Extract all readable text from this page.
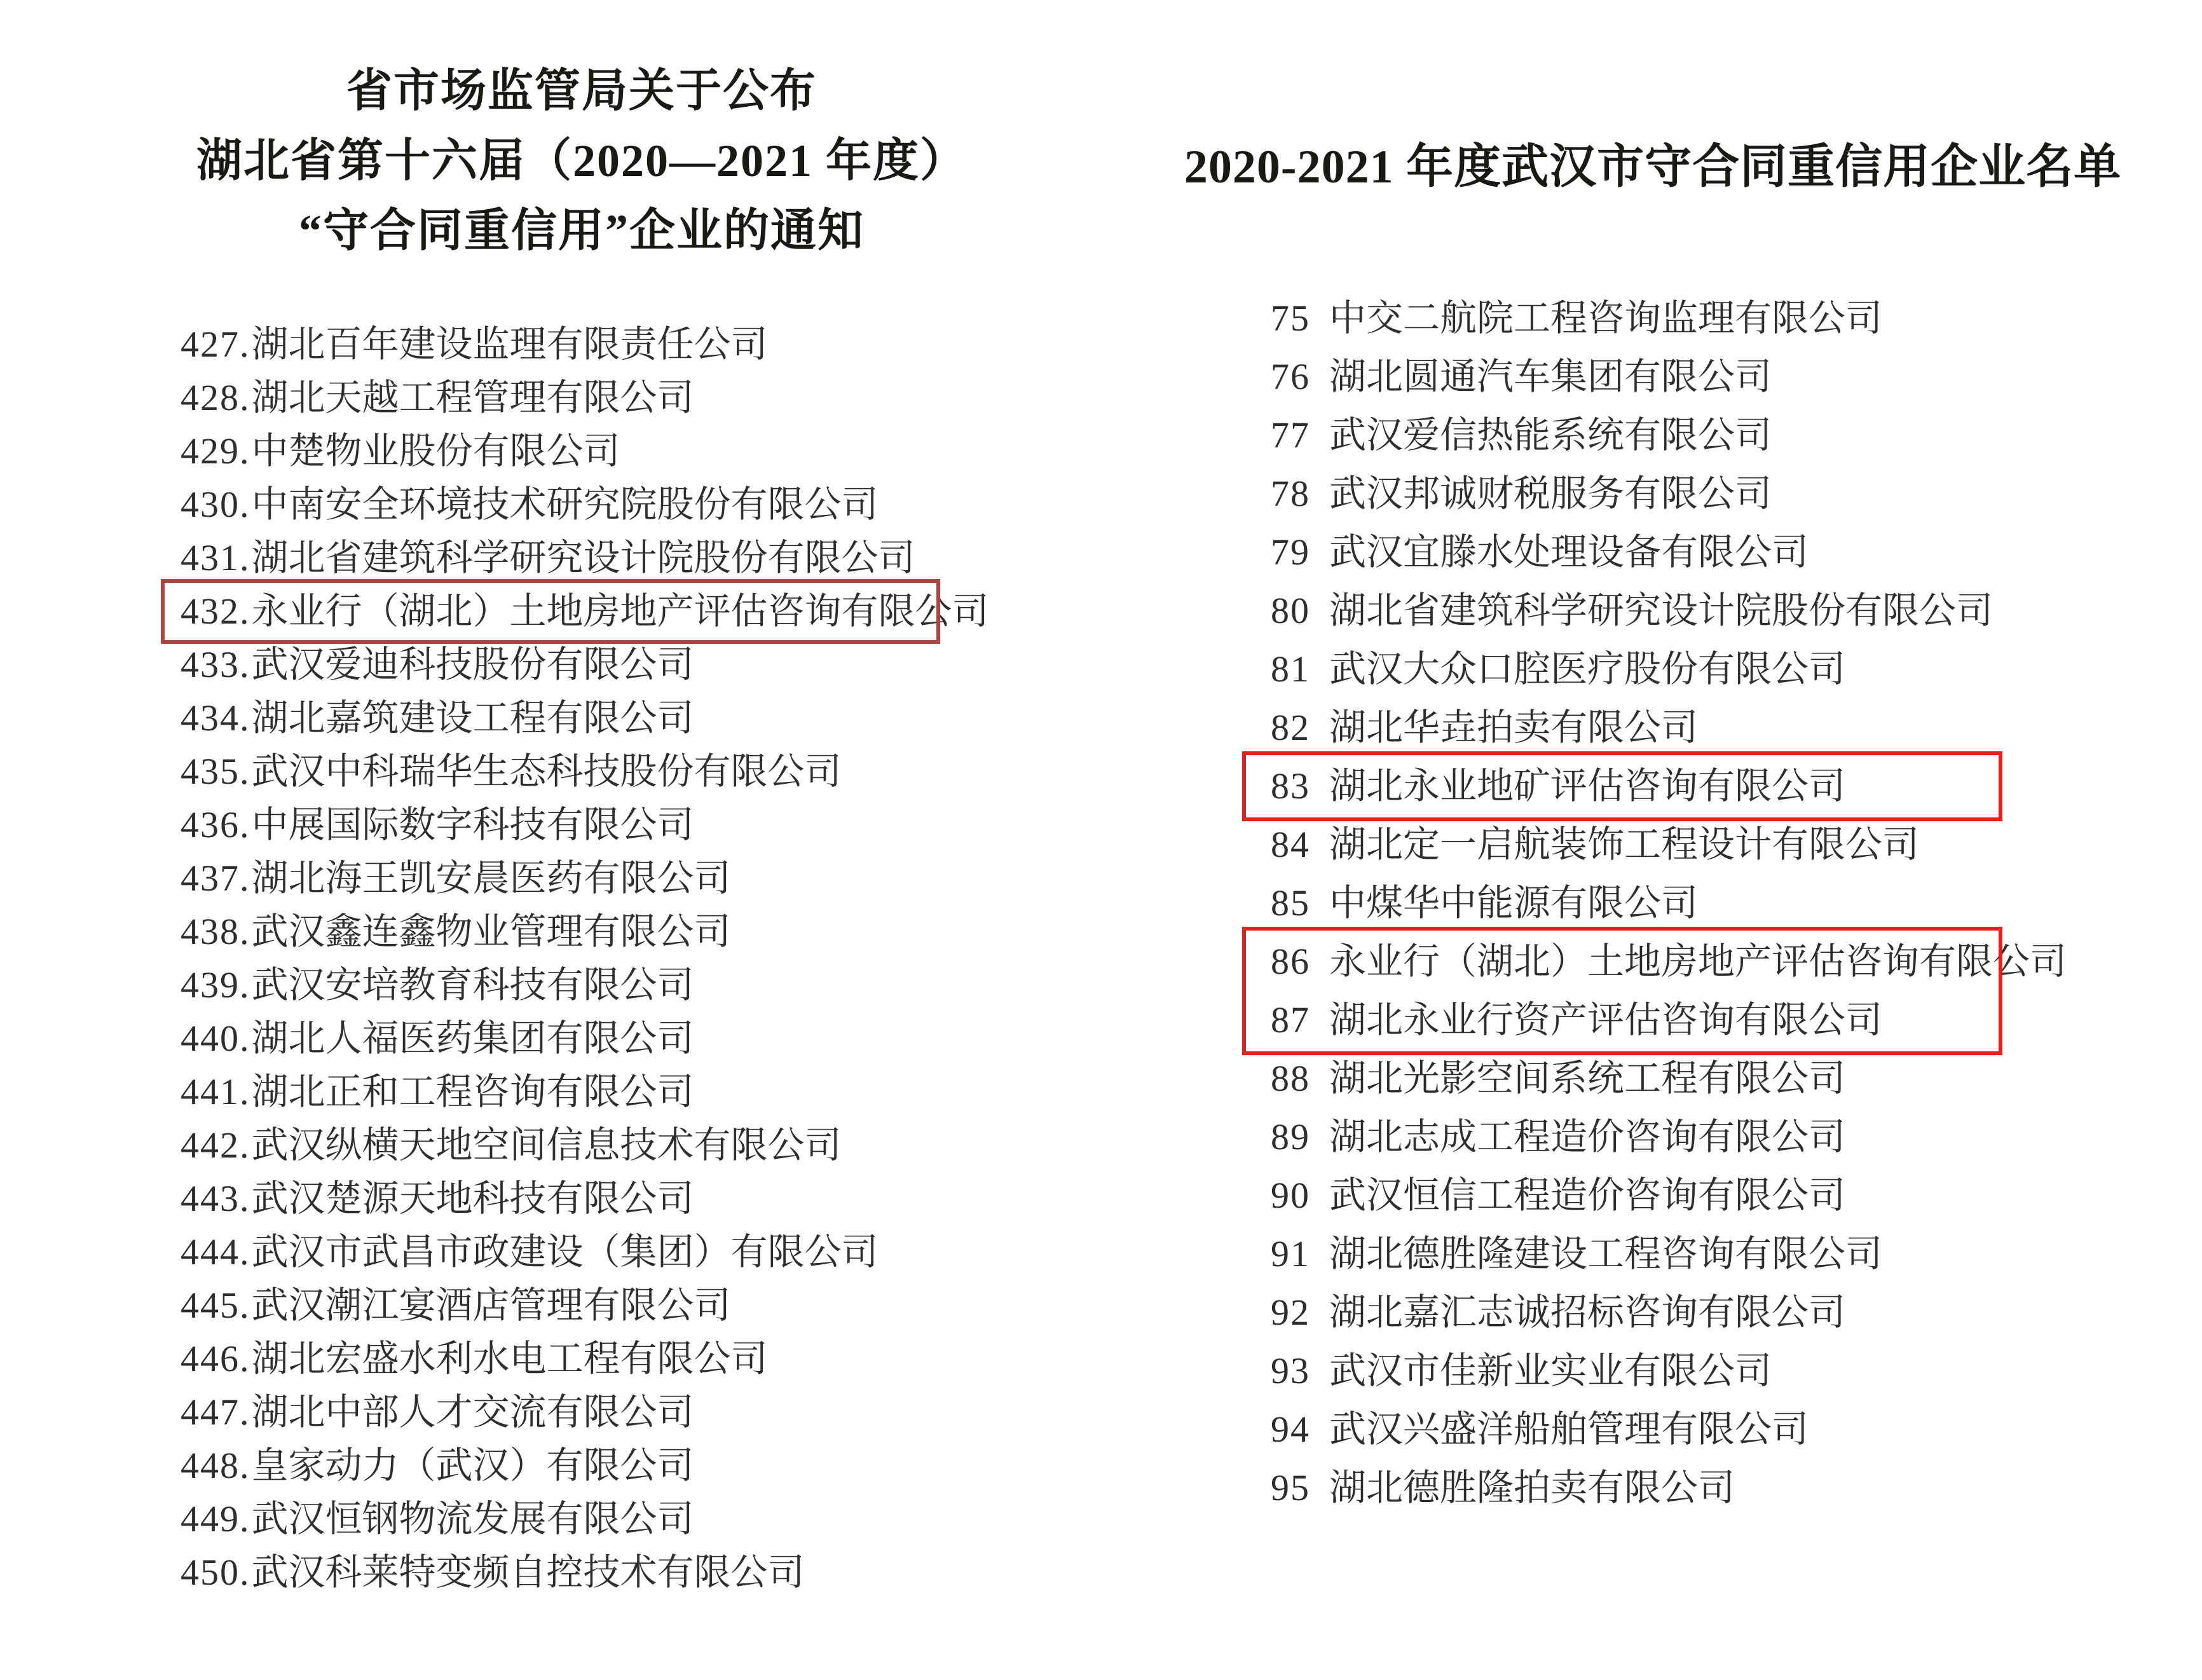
省市场监管局关于公布
湖北省第十六届（2020—2021 年度）
“守合同重信用”企业的通知
427.湖北百年建设监理有限责任公司
428.湖北天越工程管理有限公司
429.中楚物业股份有限公司
430.中南安全环境技术研究院股份有限公司
431.湖北省建筑科学研究设计院股份有限公司
432.永业行（湖北）土地房地产评估咨询有限公司
433.武汉爱迪科技股份有限公司
434.湖北嘉筑建设工程有限公司
435.武汉中科瑞华生态科技股份有限公司
436.中展国际数字科技有限公司
437.湖北海王凯安晨医药有限公司
438.武汉鑫连鑫物业管理有限公司
439.武汉安培教育科技有限公司
440.湖北人福医药集团有限公司
441.湖北正和工程咨询有限公司
442.武汉纵横天地空间信息技术有限公司
443.武汉楚源天地科技有限公司
444.武汉市武昌市政建设（集团）有限公司
445.武汉潮江宴酒店管理有限公司
446.湖北宏盛水利水电工程有限公司
447.湖北中部人才交流有限公司
448.皇家动力（武汉）有限公司
449.武汉恒钢物流发展有限公司
450.武汉科莱特变频自控技术有限公司
2020-2021 年度武汉市守合同重信用企业名单
75 中交二航院工程咨询监理有限公司
76 湖北圆通汽车集团有限公司
77 武汉爱信热能系统有限公司
78 武汉邦诚财税服务有限公司
79 武汉宜滕水处理设备有限公司
80 湖北省建筑科学研究设计院股份有限公司
81 武汉大众口腔医疗股份有限公司
82 湖北华垚拍卖有限公司
83 湖北永业地矿评估咨询有限公司
84 湖北定一启航装饰工程设计有限公司
85 中煤华中能源有限公司
86 永业行（湖北）土地房地产评估咨询有限公司
87 湖北永业行资产评估咨询有限公司
88 湖北光影空间系统工程有限公司
89 湖北志成工程造价咨询有限公司
90 武汉恒信工程造价咨询有限公司
91 湖北德胜隆建设工程咨询有限公司
92 湖北嘉汇志诚招标咨询有限公司
93 武汉市佳新业实业有限公司
94 武汉兴盛洋船舶管理有限公司
95 湖北德胜隆拍卖有限公司
